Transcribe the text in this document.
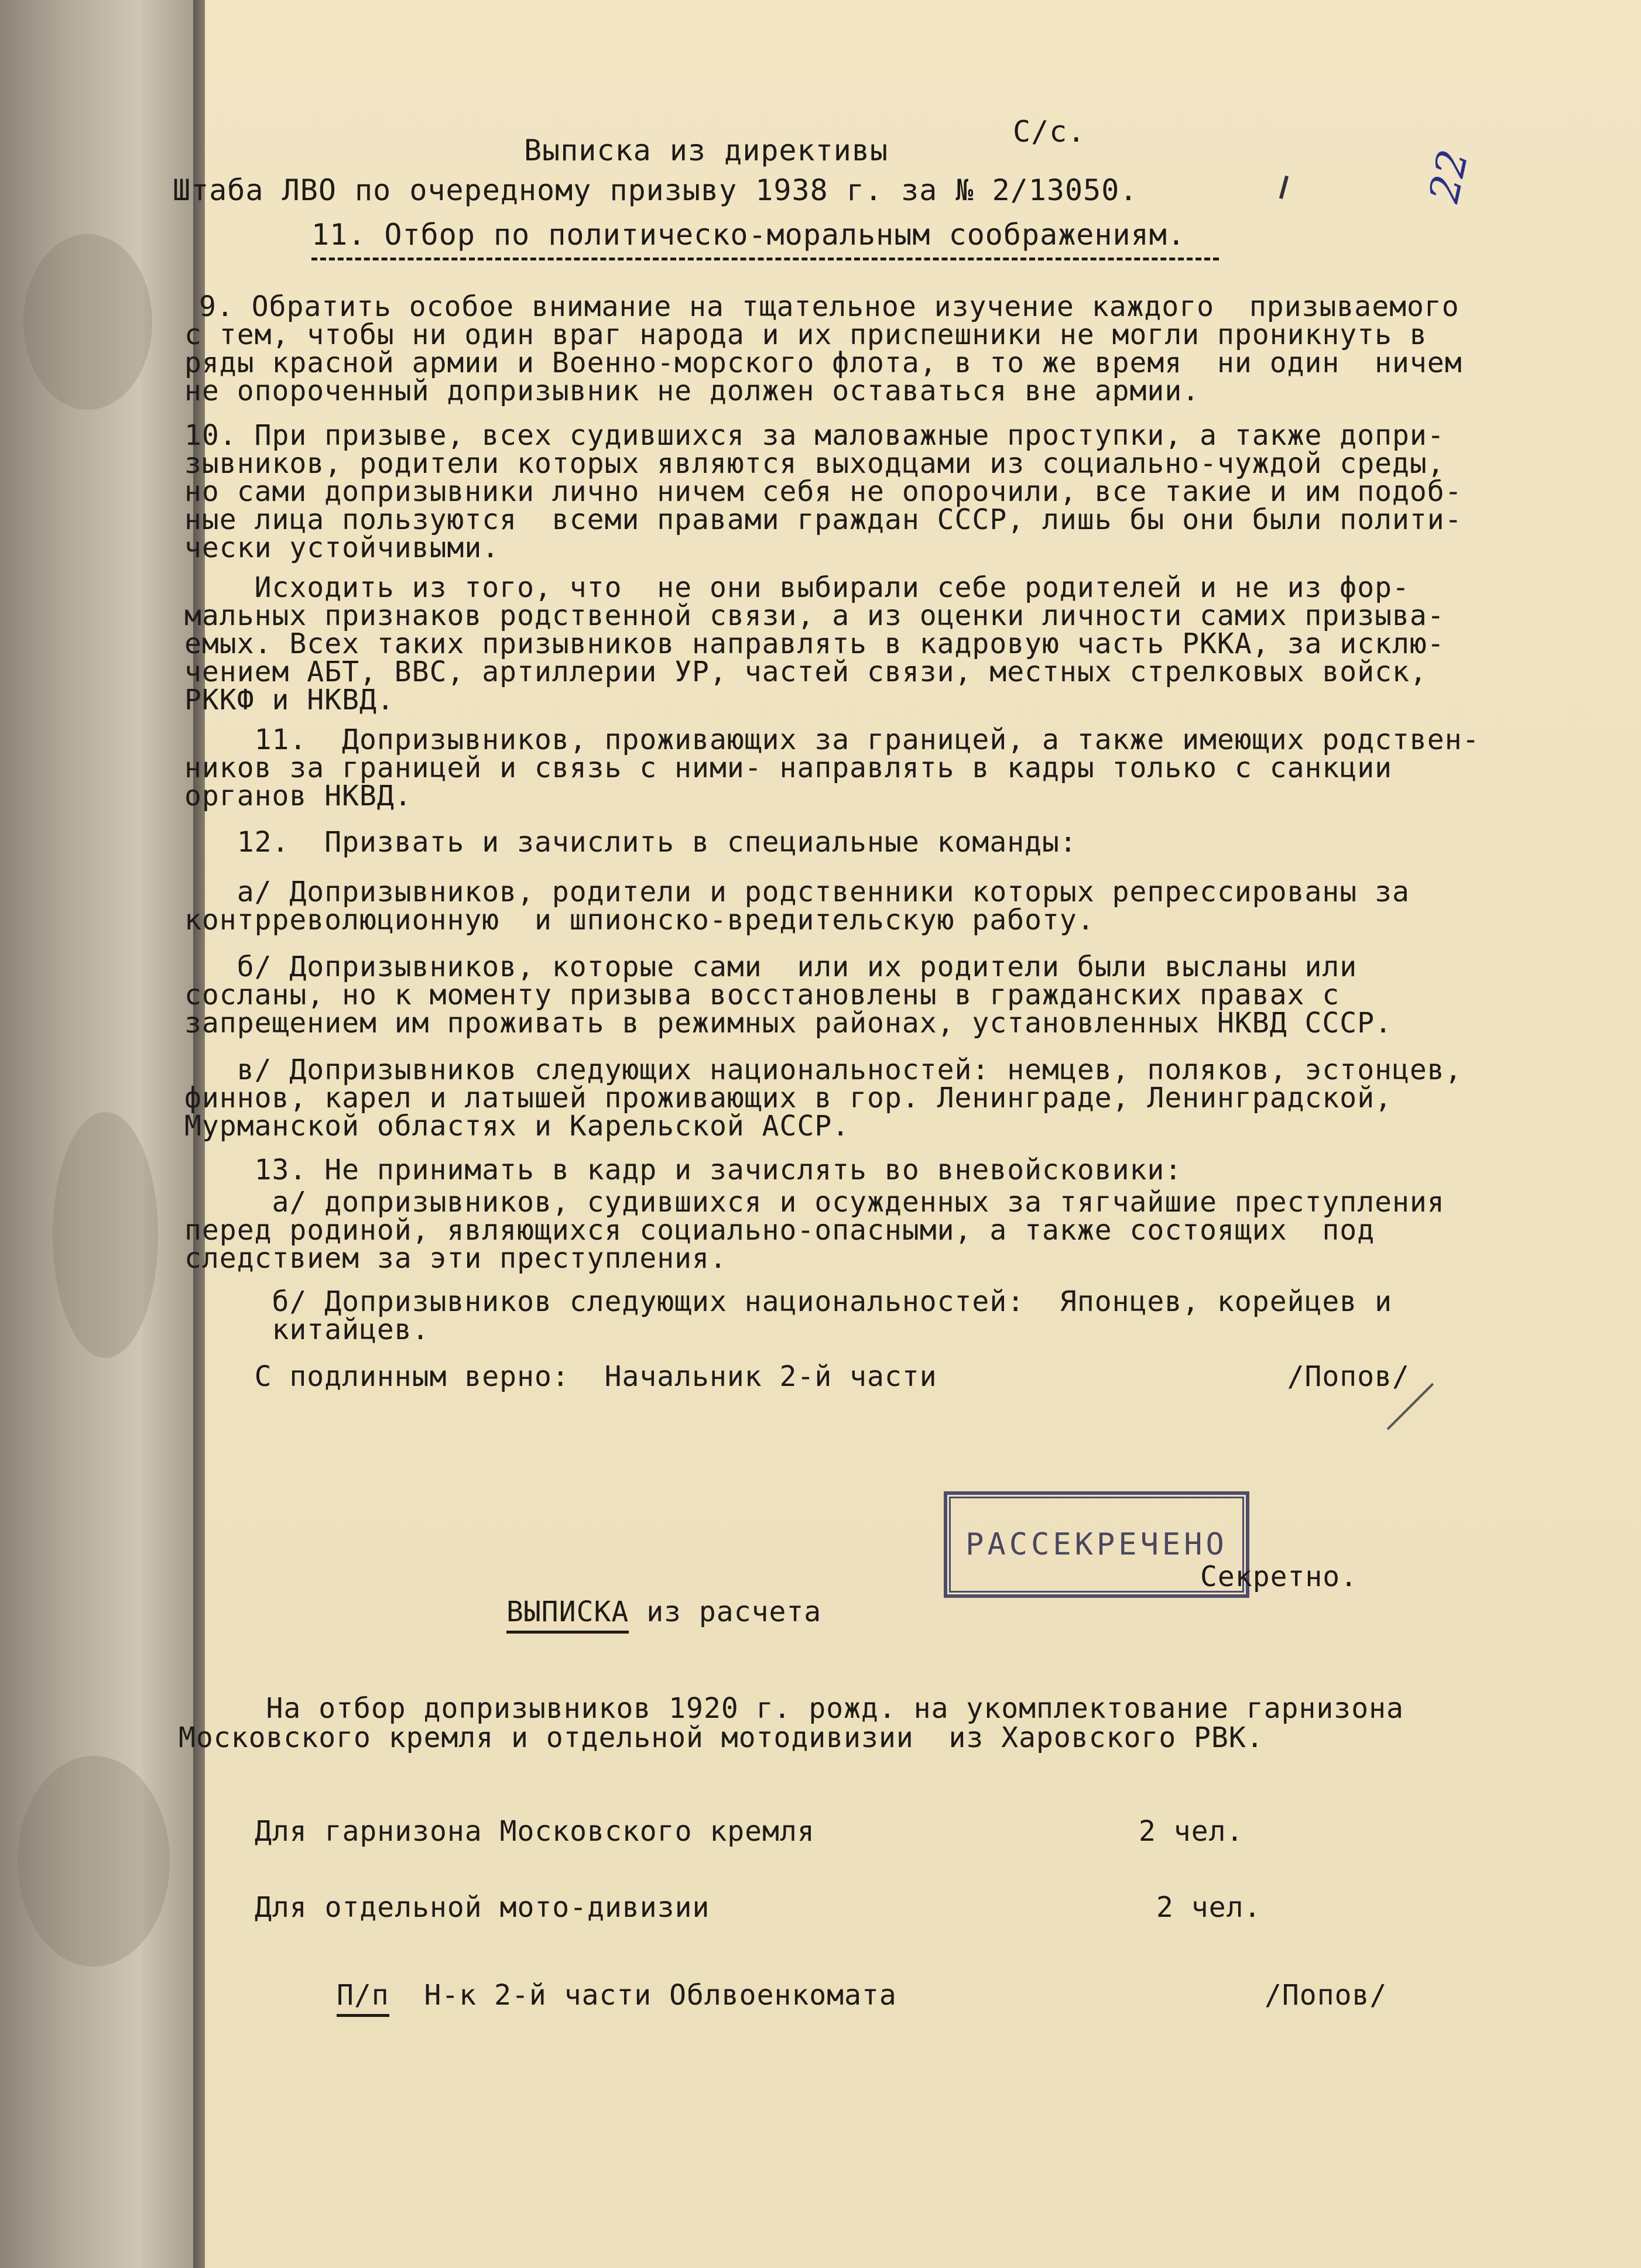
С/с.
22
Выписка из директивы
Штаба ЛВО по очередному призыву 1938 г. за № 2/13050.
11. Отбор по политическо-моральным соображениям.
9. Обратить особое внимание на тщательное изучение каждого  призываемого
с тем, чтобы ни один враг народа и их приспешники не могли проникнуть в
ряды красной армии и Военно-морского флота, в то же время  ни один  ничем
не опороченный допризывник не должен оставаться вне армии.
10. При призыве, всех судившихся за маловажные проступки, а также допри-
зывников, родители которых являются выходцами из социально-чуждой среды,
но сами допризывники лично ничем себя не опорочили, все такие и им подоб-
ные лица пользуются  всеми правами граждан СССР, лишь бы они были полити-
чески устойчивыми.
Исходить из того, что  не они выбирали себе родителей и не из фор-
мальных признаков родственной связи, а из оценки личности самих призыва-
емых. Всех таких призывников направлять в кадровую часть РККА, за исклю-
чением АБТ, ВВС, артиллерии УР, частей связи, местных стрелковых войск,
РККФ и НКВД.
11.  Допризывников, проживающих за границей, а также имеющих родствен-
ников за границей и связь с ними- направлять в кадры только с санкции
органов НКВД.
12.  Призвать и зачислить в специальные команды:
а/ Допризывников, родители и родственники которых репрессированы за
контрреволюционную  и шпионско-вредительскую работу.
б/ Допризывников, которые сами  или их родители были высланы или
сосланы, но к моменту призыва восстановлены в гражданских правах с
запрещением им проживать в режимных районах, установленных НКВД СССР.
в/ Допризывников следующих национальностей: немцев, поляков, эстонцев,
финнов, карел и латышей проживающих в гор. Ленинграде, Ленинградской,
Мурманской областях и Карельской АССР.
13. Не принимать в кадр и зачислять во вневойсковики:
а/ допризывников, судившихся и осужденных за тягчайшие преступления
перед родиной, являющихся социально-опасными, а также состоящих  под
следствием за эти преступления.
б/ Допризывников следующих национальностей:  Японцев, корейцев и
китайцев.
С подлинным верно:  Начальник 2-й части                    /Попов/
РАССЕКРЕЧЕНО
Секретно.
ВЫПИСКА из расчета
На отбор допризывников 1920 г. рожд. на укомплектование гарнизона
Московского кремля и отдельной мотодивизии  из Харовского РВК.
Для гарнизона Московского кремля	2 чел.
Для отдельной мото-дивизии	2 чел.
П/п  Н-к 2-й части Облвоенкомата	/Попов/
